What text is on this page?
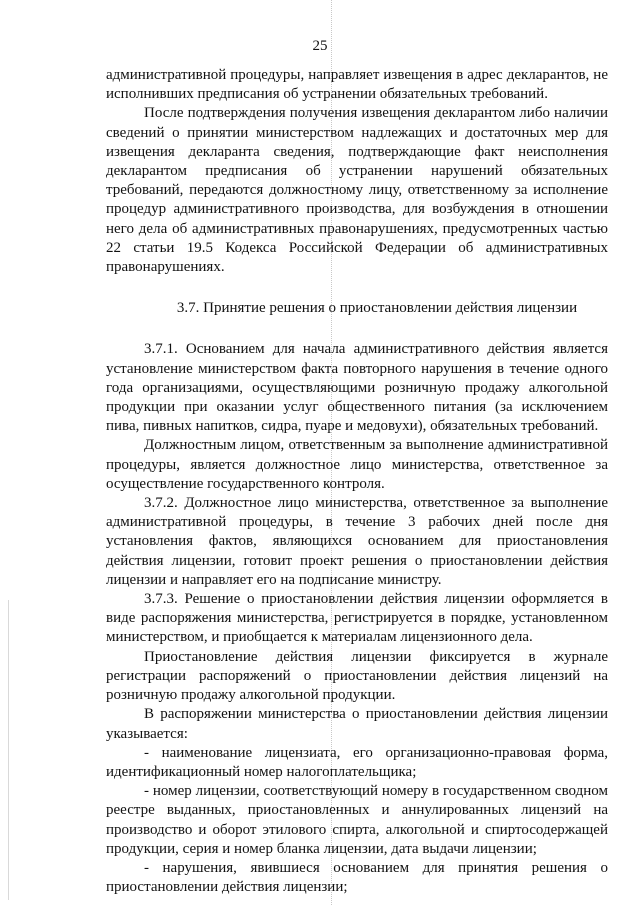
25

административной процедуры, направляет извещения в адрес декларантов, не исполнивших предписания об устранении обязательных требований.

После подтверждения получения извещения декларантом либо наличии сведений о принятии министерством надлежащих и достаточных мер для извещения декларанта сведения, подтверждающие факт неисполнения декларантом предписания об устранении нарушений обязательных требований, передаются должностному лицу, ответственному за исполнение процедур административного производства, для возбуждения в отношении него дела об административных правонарушениях, предусмотренных частью 22 статьи 19.5 Кодекса Российской Федерации об административных правонарушениях.

3.7. Принятие решения о приостановлении действия лицензии

3.7.1. Основанием для начала административного действия является установление министерством факта повторного нарушения в течение одного года организациями, осуществляющими розничную продажу алкогольной продукции при оказании услуг общественного питания (за исключением пива, пивных напитков, сидра, пуаре и медовухи), обязательных требований.

Должностным лицом, ответственным за выполнение административной процедуры, является должностное лицо министерства, ответственное за осуществление государственного контроля.

3.7.2. Должностное лицо министерства, ответственное за выполнение административной процедуры, в течение 3 рабочих дней после дня установления фактов, являющихся основанием для приостановления действия лицензии, готовит проект решения о приостановлении действия лицензии и направляет его на подписание министру.

3.7.3. Решение о приостановлении действия лицензии оформляется в виде распоряжения министерства, регистрируется в порядке, установленном министерством, и приобщается к материалам лицензионного дела.

Приостановление действия лицензии фиксируется в журнале регистрации распоряжений о приостановлении действия лицензий на розничную продажу алкогольной продукции.

В распоряжении министерства о приостановлении действия лицензии указывается:

- наименование лицензиата, его организационно-правовая форма, идентификационный номер налогоплательщика;

- номер лицензии, соответствующий номеру в государственном сводном реестре выданных, приостановленных и аннулированных лицензий на производство и оборот этилового спирта, алкогольной и спиртосодержащей продукции, серия и номер бланка лицензии, дата выдачи лицензии;

- нарушения, явившиеся основанием для принятия решения о приостановлении действия лицензии;
